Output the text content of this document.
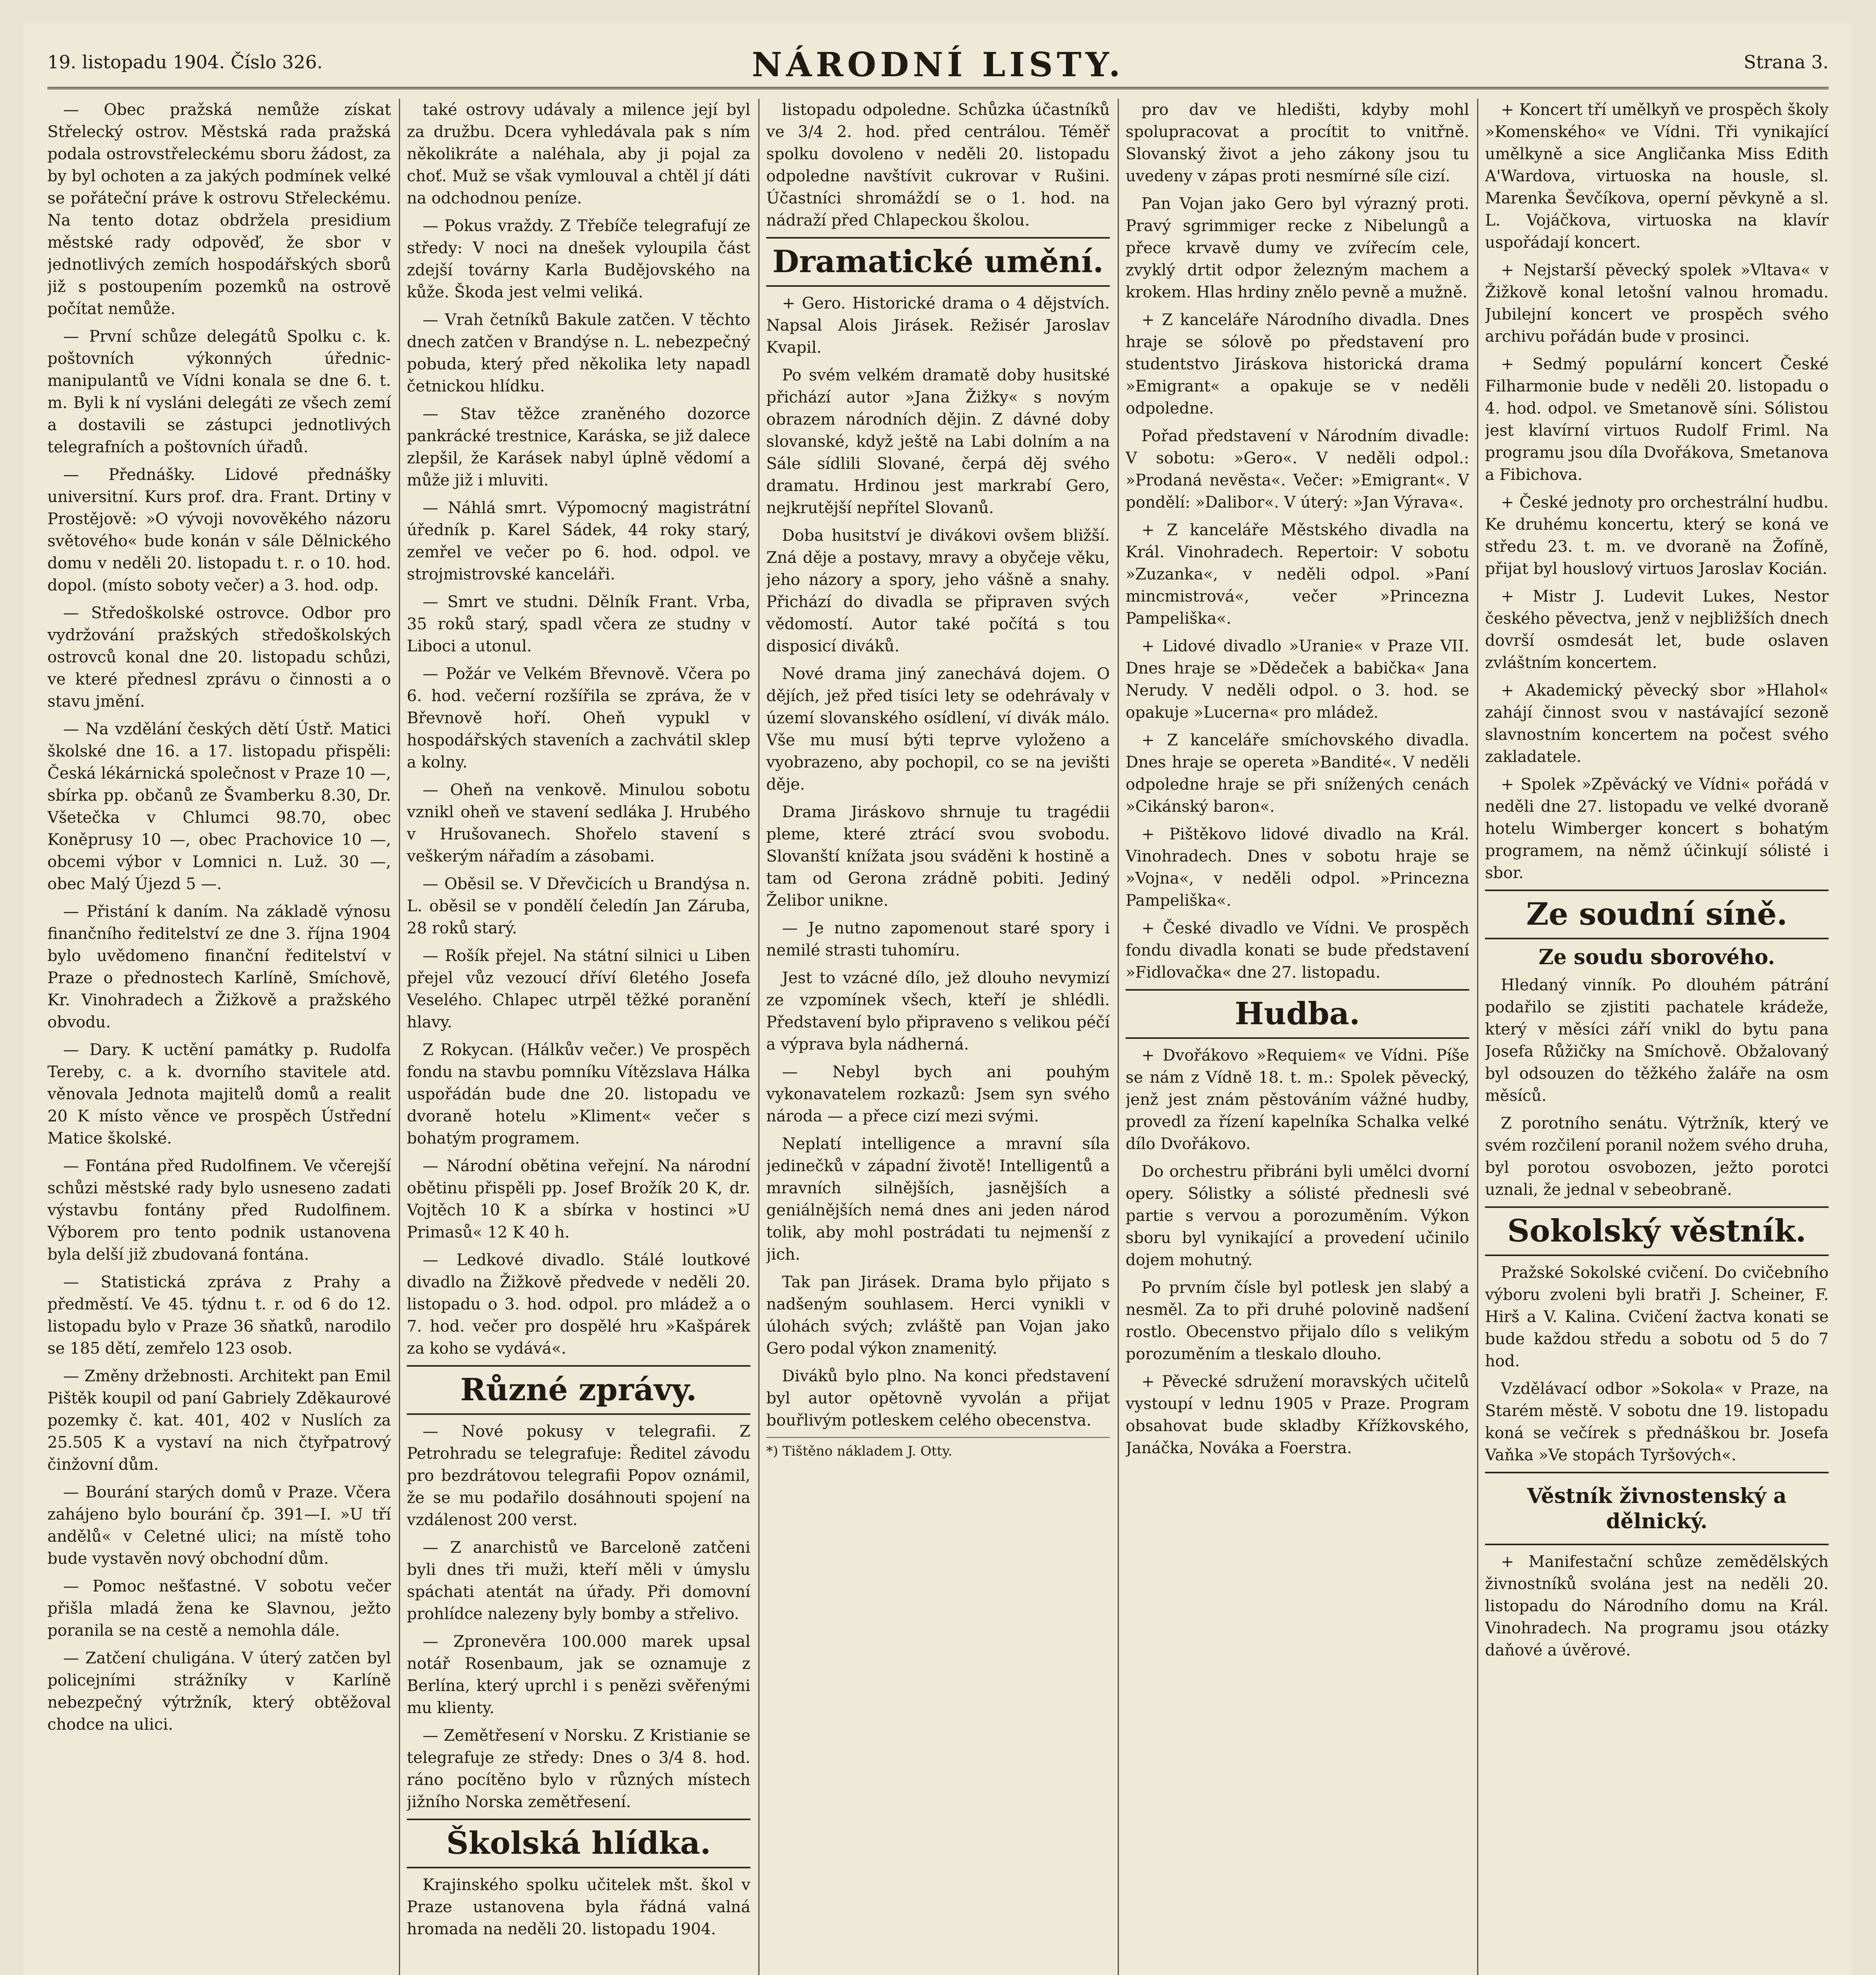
19. listopadu 1904. Číslo 326.	NÁRODNÍ LISTY.	Strana 3.

— Obec pražská nemůže získat Střelecký ostrov. Městská rada pražská podala ostrovstřeleckému sboru žádost, za by byl ochoten a za jakých podmínek velké se pořáteční práve k ostrovu Střeleckému. Na tento dotaz obdržela presidium městské rady odpověď, že sbor v jednotlivých zemích hospodářských sborů již s postoupením pozemků na ostrově počítat nemůže.

— První schůze delegátů Spolku c. k. poštovních výkonných úřednic-manipulantů ve Vídni konala se dne 6. t. m. Byli k ní vysláni delegáti ze všech zemí a dostavili se zástupci jednotlivých telegrafních a poštovních úřadů.

— Přednášky. Lidové přednášky universitní. Kurs prof. dra. Frant. Drtiny v Prostějově: »O vývoji novověkého názoru světového« bude konán v sále Dělnického domu v neděli 20. listopadu t. r. o 10. hod. dopol. (místo soboty večer) a 3. hod. odp.

— Středoškolské ostrovce. Odbor pro vydržování pražských středoškolských ostrovců konal dne 20. listopadu schůzi, ve které přednesl zprávu o činnosti a o stavu jmění.

— Na vzdělání českých dětí Ústř. Matici školské dne 16. a 17. listopadu přispěli: Česká lékárnická společnost v Praze 10 —, sbírka pp. občanů ze Švamberku 8.30, Dr. Všetečka v Chlumci 98.70, obec Koněprusy 10 —, obec Prachovice 10 —, obcemi výbor v Lomnici n. Luž. 30 —, obec Malý Újezd 5 —.

— Přistání k daním. Na základě výnosu finančního ředitelství ze dne 3. října 1904 bylo uvědomeno finanční ředitelství v Praze o přednostech Karlíně, Smíchově, Kr. Vinohradech a Žižkově a pražského obvodu.

— Dary. K uctění památky p. Rudolfa Tereby, c. a k. dvorního stavitele atd. věnovala Jednota majitelů domů a realit 20 K místo věnce ve prospěch Ústřední Matice školské.

— Fontána před Rudolfinem. Ve včerejší schůzi městské rady bylo usneseno zadati výstavbu fontány před Rudolfinem. Výborem pro tento podnik ustanovena byla delší již zbudovaná fontána.

— Statistická zpráva z Prahy a předměstí. Ve 45. týdnu t. r. od 6 do 12. listopadu bylo v Praze 36 sňatků, narodilo se 185 dětí, zemřelo 123 osob.

— Změny držebnosti. Architekt pan Emil Pištěk koupil od paní Gabriely Zděkaurové pozemky č. kat. 401, 402 v Nuslích za 25.505 K a vystaví na nich čtyřpatrový činžovní dům.

— Bourání starých domů v Praze. Včera zahájeno bylo bourání čp. 391—I. »U tří andělů« v Celetné ulici; na místě toho bude vystavěn nový obchodní dům.

— Pomoc nešťastné. V sobotu večer přišla mladá žena ke Slavnou, ježto poranila se na cestě a nemohla dále.

— Zatčení chuligána. V úterý zatčen byl policejními strážníky v Karlíně nebezpečný výtržník, který obtěžoval chodce na ulici.

také ostrovy udávaly a milence její byl za družbu. Dcera vyhledávala pak s ním několikráte a naléhala, aby ji pojal za choť. Muž se však vymlouval a chtěl jí dáti na odchodnou peníze.

— Pokus vraždy. Z Třebíče telegrafují ze středy: V noci na dnešek vyloupila část zdejší továrny Karla Budějovského na kůže. Škoda jest velmi veliká.

— Vrah četníků Bakule zatčen. V těchto dnech zatčen v Brandýse n. L. nebezpečný pobuda, který před několika lety napadl četnickou hlídku.

— Stav těžce zraněného dozorce pankrácké trestnice, Karáska, se již dalece zlepšil, že Karásek nabyl úplně vědomí a může již i mluviti.

— Náhlá smrt. Výpomocný magistrátní úředník p. Karel Sádek, 44 roky starý, zemřel ve večer po 6. hod. odpol. ve strojmistrovské kanceláři.

— Smrt ve studni. Dělník Frant. Vrba, 35 roků starý, spadl včera ze studny v Liboci a utonul.

— Požár ve Velkém Břevnově. Včera po 6. hod. večerní rozšířila se zpráva, že v Břevnově hoří. Oheň vypukl v hospodářských staveních a zachvátil sklep a kolny.

— Oheň na venkově. Minulou sobotu vznikl oheň ve stavení sedláka J. Hrubého v Hrušovanech. Shořelo stavení s veškerým nářadím a zásobami.

— Oběsil se. V Dřevčicích u Brandýsa n. L. oběsil se v pondělí čeledín Jan Záruba, 28 roků starý.

— Rošík přejel. Na státní silnici u Liben přejel vůz vezoucí dříví 6letého Josefa Veselého. Chlapec utrpěl těžké poranění hlavy.

Z Rokycan. (Hálkův večer.) Ve prospěch fondu na stavbu pomníku Vítězslava Hálka uspořádán bude dne 20. listopadu ve dvoraně hotelu »Kliment« večer s bohatým programem.

— Národní obětina veřejní. Na národní obětinu přispěli pp. Josef Brožík 20 K, dr. Vojtěch 10 K a sbírka v hostinci »U Primasů« 12 K 40 h.

— Ledkové divadlo. Stálé loutkové divadlo na Žižkově předvede v neděli 20. listopadu o 3. hod. odpol. pro mládež a o 7. hod. večer pro dospělé hru »Kašpárek za koho se vydává«.

Různé zprávy.

— Nové pokusy v telegrafii. Z Petrohradu se telegrafuje: Ředitel závodu pro bezdrátovou telegrafii Popov oznámil, že se mu podařilo dosáhnouti spojení na vzdálenost 200 verst.

— Z anarchistů ve Barceloně zatčeni byli dnes tři muži, kteří měli v úmyslu spáchati atentát na úřady. Při domovní prohlídce nalezeny byly bomby a střelivo.

— Zpronevěra 100.000 marek upsal notář Rosenbaum, jak se oznamuje z Berlína, který uprchl i s penězi svěřenými mu klienty.

— Zemětřesení v Norsku. Z Kristianie se telegrafuje ze středy: Dnes o 3/4 8. hod. ráno pocítěno bylo v různých místech jižního Norska zemětřesení.

Školská hlídka.

Krajinského spolku učitelek mšt. škol v Praze ustanovena byla řádná valná hromada na neděli 20. listopadu 1904.

listopadu odpoledne. Schůzka účastníků ve 3/4 2. hod. před centrálou. Téměř spolku dovoleno v neděli 20. listopadu odpoledne navštívit cukrovar v Rušini. Účastníci shromáždí se o 1. hod. na nádraží před Chlapeckou školou.

Dramatické umění.

+ Gero. Historické drama o 4 dějstvích. Napsal Alois Jirásek. Režisér Jaroslav Kvapil.

Po svém velkém dramatě doby husitské přichází autor »Jana Žižky« s novým obrazem národních dějin. Z dávné doby slovanské, když ještě na Labi dolním a na Sále sídlili Slované, čerpá děj svého dramatu. Hrdinou jest markrabí Gero, nejkrutější nepřítel Slovanů.

Doba husitství je divákovi ovšem bližší. Zná děje a postavy, mravy a obyčeje věku, jeho názory a spory, jeho vášně a snahy. Přichází do divadla se připraven svých vědomostí. Autor také počítá s tou disposicí diváků.

Nové drama jiný zanechává dojem. O dějích, jež před tisíci lety se odehrávaly v území slovanského osídlení, ví divák málo. Vše mu musí býti teprve vyloženo a vyobrazeno, aby pochopil, co se na jevišti děje.

Drama Jiráskovo shrnuje tu tragédii pleme, které ztrácí svou svobodu. Slovanští knížata jsou sváděni k hostině a tam od Gerona zrádně pobiti. Jediný Želibor unikne.

— Je nutno zapomenout staré spory i nemilé strasti tuhomíru.

Jest to vzácné dílo, jež dlouho nevymizí ze vzpomínek všech, kteří je shlédli. Představení bylo připraveno s velikou péčí a výprava byla nádherná.

— Nebyl bych ani pouhým vykonavatelem rozkazů: Jsem syn svého národa — a přece cizí mezi svými.

Neplatí intelligence a mravní síla jedinečků v západní životě! Intelligentů a mravních silnějších, jasnějších a geniálnějších nemá dnes ani jeden národ tolik, aby mohl postrádati tu nejmenší z jich.

Tak pan Jirásek. Drama bylo přijato s nadšeným souhlasem. Herci vynikli v úlohách svých; zvláště pan Vojan jako Gero podal výkon znamenitý.

Diváků bylo plno. Na konci představení byl autor opětovně vyvolán a přijat bouřlivým potleskem celého obecenstva.

*) Tištěno nákladem J. Otty.

pro dav ve hledišti, kdyby mohl spolupracovat a procítit to vnitřně. Slovanský život a jeho zákony jsou tu uvedeny v zápas proti nesmírné síle cizí.

Pan Vojan jako Gero byl výrazný proti. Pravý sgrimmiger recke z Nibelungů a přece krvavě dumy ve zvířecím cele, zvyklý drtit odpor železným machem a krokem. Hlas hrdiny znělo pevně a mužně.

+ Z kanceláře Národního divadla. Dnes hraje se sólově po představení pro studentstvo Jiráskova historická drama »Emigrant« a opakuje se v neděli odpoledne.

Pořad představení v Národním divadle: V sobotu: »Gero«. V neděli odpol.: »Prodaná nevěsta«. Večer: »Emigrant«. V pondělí: »Dalibor«. V úterý: »Jan Výrava«.

+ Z kanceláře Městského divadla na Král. Vinohradech. Repertoir: V sobotu »Zuzanka«, v neděli odpol. »Paní mincmistrová«, večer »Princezna Pampeliška«.

+ Lidové divadlo »Uranie« v Praze VII. Dnes hraje se »Dědeček a babička« Jana Nerudy. V neděli odpol. o 3. hod. se opakuje »Lucerna« pro mládež.

+ Z kanceláře smíchovského divadla. Dnes hraje se opereta »Bandité«. V neděli odpoledne hraje se při snížených cenách »Cikánský baron«.

+ Pištěkovo lidové divadlo na Král. Vinohradech. Dnes v sobotu hraje se »Vojna«, v neděli odpol. »Princezna Pampeliška«.

+ České divadlo ve Vídni. Ve prospěch fondu divadla konati se bude představení »Fidlovačka« dne 27. listopadu.

Hudba.

+ Dvořákovo »Requiem« ve Vídni. Píše se nám z Vídně 18. t. m.: Spolek pěvecký, jenž jest znám pěstováním vážné hudby, provedl za řízení kapelníka Schalka velké dílo Dvořákovo.

Do orchestru přibráni byli umělci dvorní opery. Sólistky a sólisté přednesli své partie s vervou a porozuměním. Výkon sboru byl vynikající a provedení učinilo dojem mohutný.

Po prvním čísle byl potlesk jen slabý a nesměl. Za to při druhé polovině nadšení rostlo. Obecenstvo přijalo dílo s velikým porozuměním a tleskalo dlouho.

+ Pěvecké sdružení moravských učitelů vystoupí v lednu 1905 v Praze. Program obsahovat bude skladby Křížkovského, Janáčka, Nováka a Foerstra.

+ Koncert tří umělkyň ve prospěch školy »Komenského« ve Vídni. Tři vynikající umělkyně a sice Angličanka Miss Edith A'Wardova, virtuoska na housle, sl. Marenka Ševčíkova, operní pěvkyně a sl. L. Vojáčkova, virtuoska na klavír uspořádají koncert.

+ Nejstarší pěvecký spolek »Vltava« v Žižkově konal letošní valnou hromadu. Jubilejní koncert ve prospěch svého archivu pořádán bude v prosinci.

+ Sedmý populární koncert České Filharmonie bude v neděli 20. listopadu o 4. hod. odpol. ve Smetanově síni. Sólistou jest klavírní virtuos Rudolf Friml. Na programu jsou díla Dvořákova, Smetanova a Fibichova.

+ České jednoty pro orchestrální hudbu. Ke druhému koncertu, který se koná ve středu 23. t. m. ve dvoraně na Žofíně, přijat byl houslový virtuos Jaroslav Kocián.

+ Mistr J. Ludevit Lukes, Nestor českého pěvectva, jenž v nejbližších dnech dovrší osmdesát let, bude oslaven zvláštním koncertem.

+ Akademický pěvecký sbor »Hlahol« zahájí činnost svou v nastávající sezoně slavnostním koncertem na počest svého zakladatele.

+ Spolek »Zpěvácký ve Vídni« pořádá v neděli dne 27. listopadu ve velké dvoraně hotelu Wimberger koncert s bohatým programem, na němž účinkují sólisté i sbor.

Ze soudní síně.
Ze soudu sborového.

Hledaný vinník. Po dlouhém pátrání podařilo se zjistiti pachatele krádeže, který v měsíci září vnikl do bytu pana Josefa Růžičky na Smíchově. Obžalovaný byl odsouzen do těžkého žaláře na osm měsíců.

Z porotního senátu. Výtržník, který ve svém rozčilení poranil nožem svého druha, byl porotou osvobozen, ježto porotci uznali, že jednal v sebeobraně.

Sokolský věstník.

Pražské Sokolské cvičení. Do cvičebního výboru zvoleni byli bratři J. Scheiner, F. Hirš a V. Kalina. Cvičení žactva konati se bude každou středu a sobotu od 5 do 7 hod.

Vzdělávací odbor »Sokola« v Praze, na Starém městě. V sobotu dne 19. listopadu koná se večírek s přednáškou br. Josefa Vaňka »Ve stopách Tyršových«.

Věstník živnostenský a dělnický.

+ Manifestační schůze zemědělských živnostníků svolána jest na neděli 20. listopadu do Národního domu na Král. Vinohradech. Na programu jsou otázky daňové a úvěrové.
